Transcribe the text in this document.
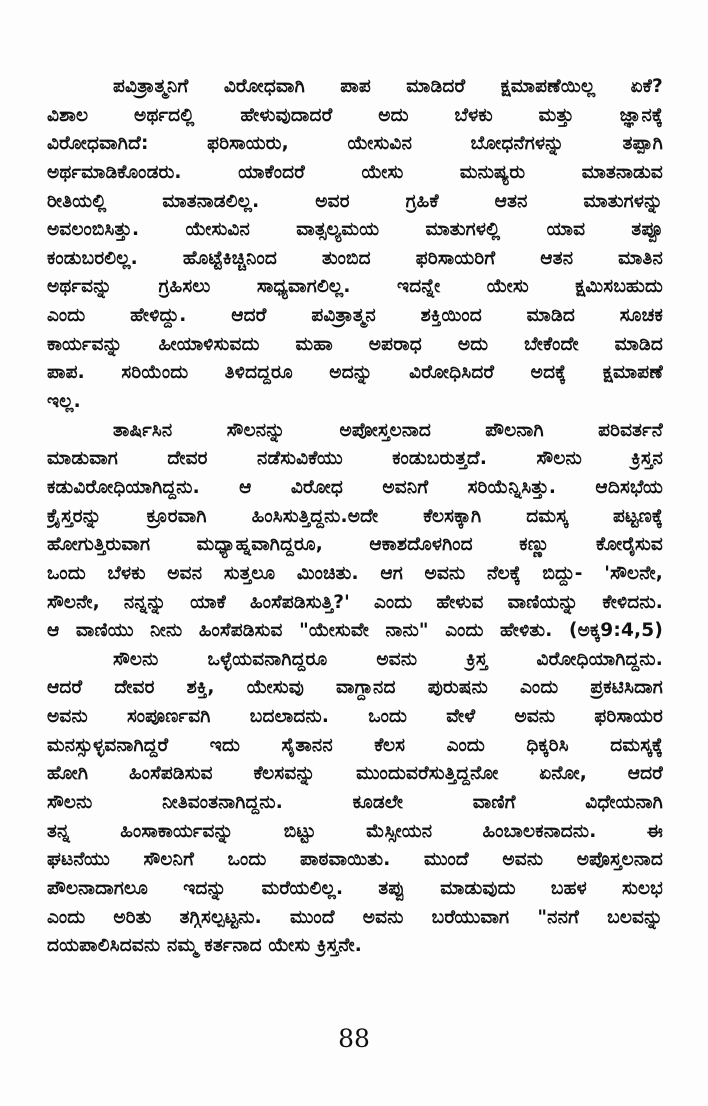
ಪವಿತ್ರಾತ್ಮನಿಗೆ ವಿರೋಧವಾಗಿ ಪಾಪ ಮಾಡಿದರೆ ಕ್ಷಮಾಪಣೆಯಿಲ್ಲ ಏಕೆ?
ವಿಶಾಲ ಅರ್ಥದಲ್ಲಿ ಹೇಳುವುದಾದರೆ ಅದು ಬೆಳಕು ಮತ್ತು ಜ್ಞಾನಕ್ಕೆ
ವಿರೋಧವಾಗಿದೆ: ಫರಿಸಾಯರು, ಯೇಸುವಿನ ಬೋಧನೆಗಳನ್ನು ತಪ್ಪಾಗಿ
ಅರ್ಥಮಾಡಿಕೊಂಡರು. ಯಾಕೆಂದರೆ ಯೇಸು ಮನುಷ್ಯರು ಮಾತನಾಡುವ
ರೀತಿಯಲ್ಲಿ ಮಾತನಾಡಲಿಲ್ಲ. ಅವರ ಗ್ರಹಿಕೆ ಆತನ ಮಾತುಗಳನ್ನು
ಅವಲಂಬಿಸಿತ್ತು. ಯೇಸುವಿನ ವಾತ್ಸಲ್ಯಮಯ ಮಾತುಗಳಲ್ಲಿ ಯಾವ ತಪ್ಪೂ
ಕಂಡುಬರಲಿಲ್ಲ. ಹೊಟ್ಟೆಕಿಚ್ಚಿನಿಂದ ತುಂಬಿದ ಫರಿಸಾಯರಿಗೆ ಆತನ ಮಾತಿನ
ಅರ್ಥವನ್ನು ಗ್ರಹಿಸಲು ಸಾಧ್ಯವಾಗಲಿಲ್ಲ. ಇದನ್ನೇ ಯೇಸು ಕ್ಷಮಿಸಬಹುದು
ಎಂದು ಹೇಳಿದ್ದು. ಆದರೆ ಪವಿತ್ರಾತ್ಮನ ಶಕ್ತಿಯಿಂದ ಮಾಡಿದ ಸೂಚಕ
ಕಾರ್ಯವನ್ನು ಹೀಯಾಳಿಸುವದು ಮಹಾ ಅಪರಾಧ ಅದು ಬೇಕೆಂದೇ ಮಾಡಿದ
ಪಾಪ. ಸರಿಯೆಂದು ತಿಳಿದದ್ದರೂ ಅದನ್ನು ವಿರೋಧಿಸಿದರೆ ಅದಕ್ಕೆ ಕ್ಷಮಾಪಣೆ
ಇಲ್ಲ.
ತಾರ್ಷಿಸಿನ ಸೌಲನನ್ನು ಅಪೋಸ್ತಲನಾದ ಪೌಲನಾಗಿ ಪರಿವರ್ತನೆ
ಮಾಡುವಾಗ ದೇವರ ನಡೆಸುವಿಕೆಯು ಕಂಡುಬರುತ್ತದೆ. ಸೌಲನು ಕ್ರಿಸ್ತನ
ಕಡುವಿರೋಧಿಯಾಗಿದ್ದನು. ಆ ವಿರೋಧ ಅವನಿಗೆ ಸರಿಯೆನ್ನಿಸಿತ್ತು. ಆದಿಸಭೆಯ
ಕ್ರೈಸ್ತರನ್ನು ಕ್ರೂರವಾಗಿ ಹಿಂಸಿಸುತ್ತಿದ್ದನು.ಅದೇ ಕೆಲಸಕ್ಕಾಗಿ ದಮಸ್ಕ ಪಟ್ಟಣಕ್ಕೆ
ಹೋಗುತ್ತಿರುವಾಗ ಮಧ್ಯಾಹ್ನವಾಗಿದ್ದರೂ, ಆಕಾಶದೊಳಗಿಂದ ಕಣ್ಣು ಕೋರೈಸುವ
ಒಂದು ಬೆಳಕು ಅವನ ಸುತ್ತಲೂ ಮಿಂಚಿತು. ಆಗ ಅವನು ನೆಲಕ್ಕೆ ಬಿದ್ದು- 'ಸೌಲನೇ,
ಸೌಲನೇ, ನನ್ನನ್ನು ಯಾಕೆ ಹಿಂಸೆಪಡಿಸುತ್ತಿ?' ಎಂದು ಹೇಳುವ ವಾಣಿಯನ್ನು ಕೇಳಿದನು.
ಆ ವಾಣಿಯು ನೀನು ಹಿಂಸೆಪಡಿಸುವ "ಯೇಸುವೇ ನಾನು" ಎಂದು ಹೇಳಿತು. (ಅಕ್ಕ9:4,5)
ಸೌಲನು ಒಳ್ಳೆಯವನಾಗಿದ್ದರೂ ಅವನು ಕ್ರಿಸ್ತ ವಿರೋಧಿಯಾಗಿದ್ದನು.
ಆದರೆ ದೇವರ ಶಕ್ತಿ, ಯೇಸುವು ವಾಗ್ದಾನದ ಪುರುಷನು ಎಂದು ಪ್ರಕಟಿಸಿದಾಗ
ಅವನು ಸಂಪೂರ್ಣವಗಿ ಬದಲಾದನು. ಒಂದು ವೇಳೆ ಅವನು ಫರಿಸಾಯರ
ಮನಸ್ಸುಳ್ಳವನಾಗಿದ್ದರೆ ಇದು ಸೈತಾನನ ಕೆಲಸ ಎಂದು ಧಿಕ್ಕರಿಸಿ ದಮಸ್ಕಕ್ಕೆ
ಹೋಗಿ ಹಿಂಸೆಪಡಿಸುವ ಕೆಲಸವನ್ನು ಮುಂದುವರೆಸುತ್ತಿದ್ದನೋ ಏನೋ, ಆದರೆ
ಸೌಲನು ನೀತಿವಂತನಾಗಿದ್ದನು. ಕೂಡಲೇ ವಾಣಿಗೆ ವಿಧೇಯನಾಗಿ
ತನ್ನ ಹಿಂಸಾಕಾರ್ಯವನ್ನು ಬಿಟ್ಟು ಮೆಸ್ಸೀಯನ ಹಿಂಬಾಲಕನಾದನು. ಈ
ಘಟನೆಯು ಸೌಲನಿಗೆ ಒಂದು ಪಾಠವಾಯಿತು. ಮುಂದೆ ಅವನು ಅಪೊಸ್ತಲನಾದ
ಪೌಲನಾದಾಗಲೂ ಇದನ್ನು ಮರೆಯಲಿಲ್ಲ. ತಪ್ಪು ಮಾಡುವುದು ಬಹಳ ಸುಲಭ
ಎಂದು ಅರಿತು ತಗ್ಗಿಸಲ್ಪಟ್ಟನು. ಮುಂದೆ ಅವನು ಬರೆಯುವಾಗ "ನನಗೆ ಬಲವನ್ನು
ದಯಪಾಲಿಸಿದವನು ನಮ್ಮ ಕರ್ತನಾದ ಯೇಸು ಕ್ರಿಸ್ತನೇ.
88
